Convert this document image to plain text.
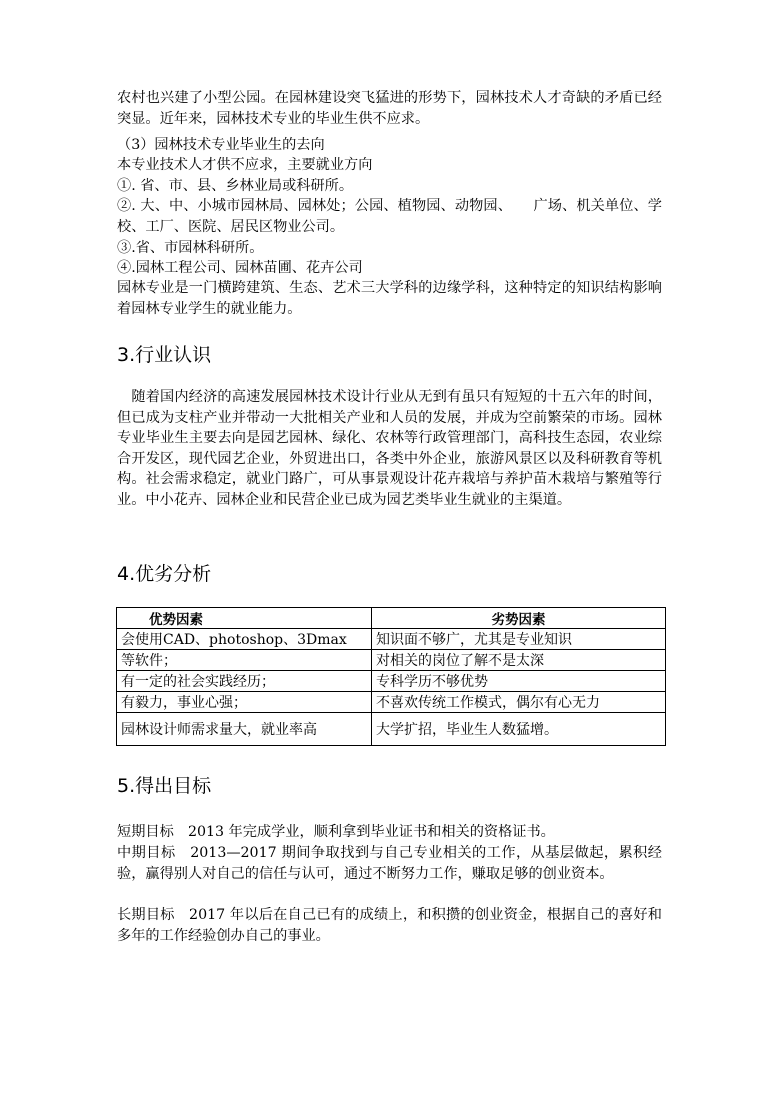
农村也兴建了小型公园。在园林建设突飞猛进的形势下，园林技术人才奇缺的矛盾已经突显。近年来，园林技术专业的毕业生供不应求。

（3）园林技术专业毕业生的去向

本专业技术人才供不应求，主要就业方向

①. 省、市、县、乡林业局或科研所。

②. 大、中、小城市园林局、园林处；公园、植物园、动物园、　　广场、机关单位、学校、工厂、医院、居民区物业公司。

③.省、市园林科研所。

④.园林工程公司、园林苗圃、花卉公司

园林专业是一门横跨建筑、生态、艺术三大学科的边缘学科，这种特定的知识结构影响着园林专业学生的就业能力。

3.行业认识

　随着国内经济的高速发展园林技术设计行业从无到有虽只有短短的十五六年的时间，但已成为支柱产业并带动一大批相关产业和人员的发展，并成为空前繁荣的市场。园林专业毕业生主要去向是园艺园林、绿化、农林等行政管理部门，高科技生态园，农业综合开发区，现代园艺企业，外贸进出口，各类中外企业，旅游风景区以及科研教育等机构。社会需求稳定，就业门路广，可从事景观设计花卉栽培与养护苗木栽培与繁殖等行业。中小花卉、园林企业和民营企业已成为园艺类毕业生就业的主渠道。

4.优劣分析
优势因素	劣势因素
会使用CAD、photoshop、3Dmax	知识面不够广，尤其是专业知识
等软件；	对相关的岗位了解不是太深
有一定的社会实践经历；	专科学历不够优势
有毅力，事业心强；	不喜欢传统工作模式，偶尔有心无力
园林设计师需求量大，就业率高	大学扩招，毕业生人数猛增。
5.得出目标

短期目标　2013 年完成学业，顺利拿到毕业证书和相关的资格证书。

中期目标　2013—2017 期间争取找到与自己专业相关的工作，从基层做起，累积经验，赢得别人对自己的信任与认可，通过不断努力工作，赚取足够的创业资本。

长期目标　2017 年以后在自己已有的成绩上，和积攒的创业资金，根据自己的喜好和多年的工作经验创办自己的事业。
